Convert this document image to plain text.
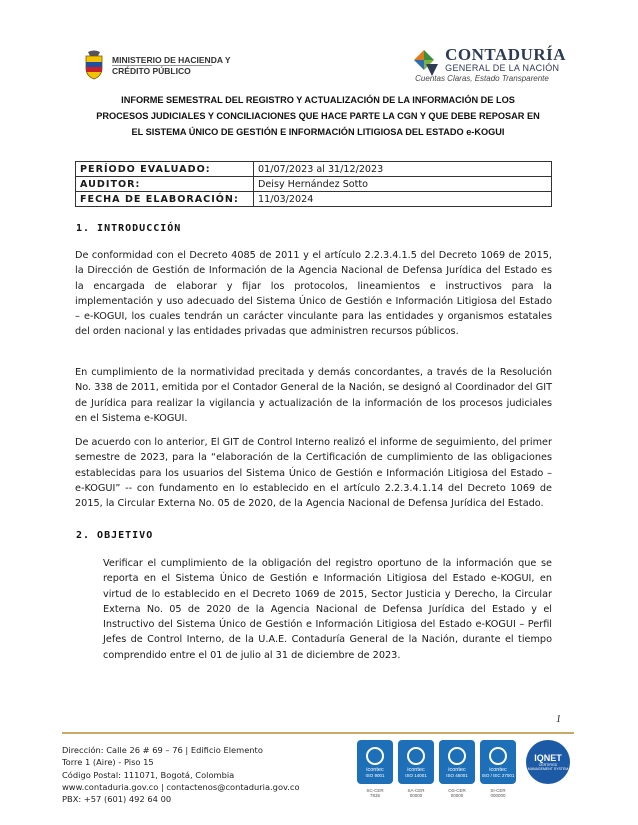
MINISTERIO DE HACIENDA Y
CRÉDITO PÚBLICO
CONTADURÍA
GENERAL DE LA NACIÓN
Cuentas Claras, Estado Transparente
INFORME SEMESTRAL DEL REGISTRO Y ACTUALIZACIÓN DE LA INFORMACIÓN DE LOS
PROCESOS JUDICIALES Y CONCILIACIONES QUE HACE PARTE LA CGN Y QUE DEBE REPOSAR EN
EL SISTEMA ÚNICO DE GESTIÓN E INFORMACIÓN LITIGIOSA DEL ESTADO e-KOGUI
PERÍODO EVALUADO:	01/07/2023 al 31/12/2023
AUDITOR:	Deisy Hernández Sotto
FECHA DE ELABORACIÓN:	11/03/2024
1. INTRODUCCIÓN
De conformidad con el Decreto 4085 de 2011 y el artículo 2.2.3.4.1.5 del Decreto 1069 de 2015, la Dirección de Gestión de Información de la Agencia Nacional de Defensa Jurídica del Estado es la encargada de elaborar y fijar los protocolos, lineamientos e instructivos para la implementación y uso adecuado del Sistema Único de Gestión e Información Litigiosa del Estado – e-KOGUI, los cuales tendrán un carácter vinculante para las entidades y organismos estatales del orden nacional y las entidades privadas que administren recursos públicos.
En cumplimiento de la normatividad precitada y demás concordantes, a través de la Resolución No. 338 de 2011, emitida por el Contador General de la Nación, se designó al Coordinador del GIT de Jurídica para realizar la vigilancia y actualización de la información de los procesos judiciales en el Sistema e-KOGUI.
De acuerdo con lo anterior, El GIT de Control Interno realizó el informe de seguimiento, del primer semestre de 2023, para la “elaboración de la Certificación de cumplimiento de las obligaciones establecidas para los usuarios del Sistema Único de Gestión e Información Litigiosa del Estado – e-KOGUI” -- con fundamento en lo establecido en el artículo 2.2.3.4.1.14 del Decreto 1069 de 2015, la Circular Externa No. 05 de 2020, de la Agencia Nacional de Defensa Jurídica del Estado.
2. OBJETIVO
Verificar el cumplimiento de la obligación del registro oportuno de la información que se reporta en el Sistema Único de Gestión e Información Litigiosa del Estado e-KOGUI, en virtud de lo establecido en el Decreto 1069 de 2015, Sector Justicia y Derecho, la Circular Externa No. 05 de 2020 de la Agencia Nacional de Defensa Jurídica del Estado y el Instructivo del Sistema Único de Gestión e Información Litigiosa del Estado e-KOGUI – Perfil Jefes de Control Interno, de la U.A.E. Contaduría General de la Nación, durante el tiempo comprendido entre el 01 de julio al 31 de diciembre de 2023.
1
Dirección: Calle 26 # 69 – 76 | Edificio Elemento
Torre 1 (Aire) - Piso 15
Código Postal: 111071, Bogotá, Colombia
www.contaduria.gov.co | contactenos@contaduria.gov.co
PBX: +57 (601) 492 64 00
icontec
ISO 9001
SC-CER
7835
icontec
ISO 14001
SA-CER
00000
icontec
ISO 45001
OS-CER
00000
icontec
ISO / IEC 27001
SI-CER
000000
IQNET
CERTIFIED MANAGEMENT SYSTEM
